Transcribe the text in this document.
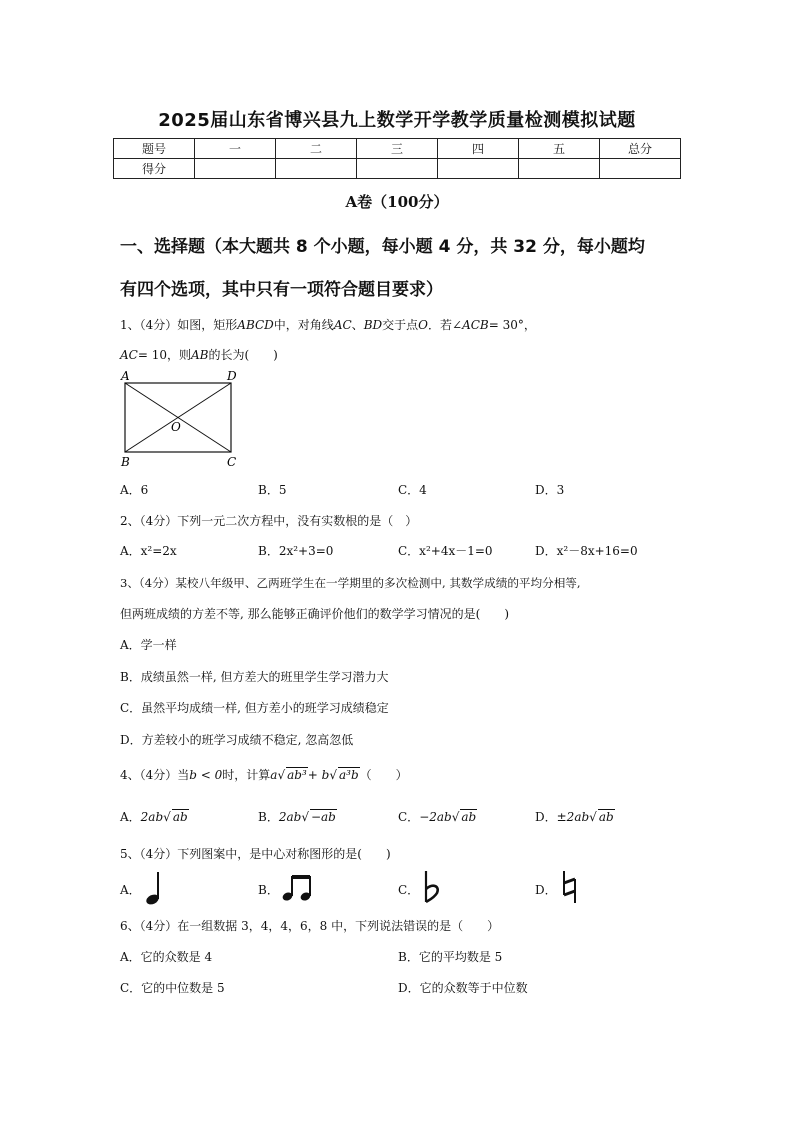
2025届山东省博兴县九上数学开学教学质量检测模拟试题
题号	一	二	三	四	五	总分
得分						
A卷（100分）
一、选择题（本大题共 8 个小题，每小题 4 分，共 32 分，每小题均
有四个选项，其中只有一项符合题目要求）
1、（4分）如图，矩形ABCD中，对角线AC、BD交于点O．若∠ACB= 30°，
AC= 10，则AB的长为(　　)
A	D
B	C
O
A．6	B．5	C．4	D．3
2、（4分）下列一元二次方程中，没有实数根的是（　）
A．x²=2x	B．2x²+3=0	C．x²+4x－1=0	D．x²－8x+16=0
3、（4分）某校八年级甲、乙两班学生在一学期里的多次检测中, 其数学成绩的平均分相等,
但两班成绩的方差不等, 那么能够正确评价他们的数学学习情况的是(　　)
A．学一样
B．成绩虽然一样, 但方差大的班里学生学习潜力大
C．虽然平均成绩一样, 但方差小的班学习成绩稳定
D．方差较小的班学习成绩不稳定, 忽高忽低
4、（4分）当b < 0时，计算a√ ab³+ b√ a³b（　　）
A．2ab√ ab	B．2ab√ −ab	C．−2ab√ ab	D．±2ab√ ab
5、（4分）下列图案中，是中心对称图形的是(　　)
A．	B．	C．	D．
6、（4分）在一组数据 3，4，4，6，8 中，下列说法错误的是（　　）
A．它的众数是 4	B．它的平均数是 5
C．它的中位数是 5	D．它的众数等于中位数
